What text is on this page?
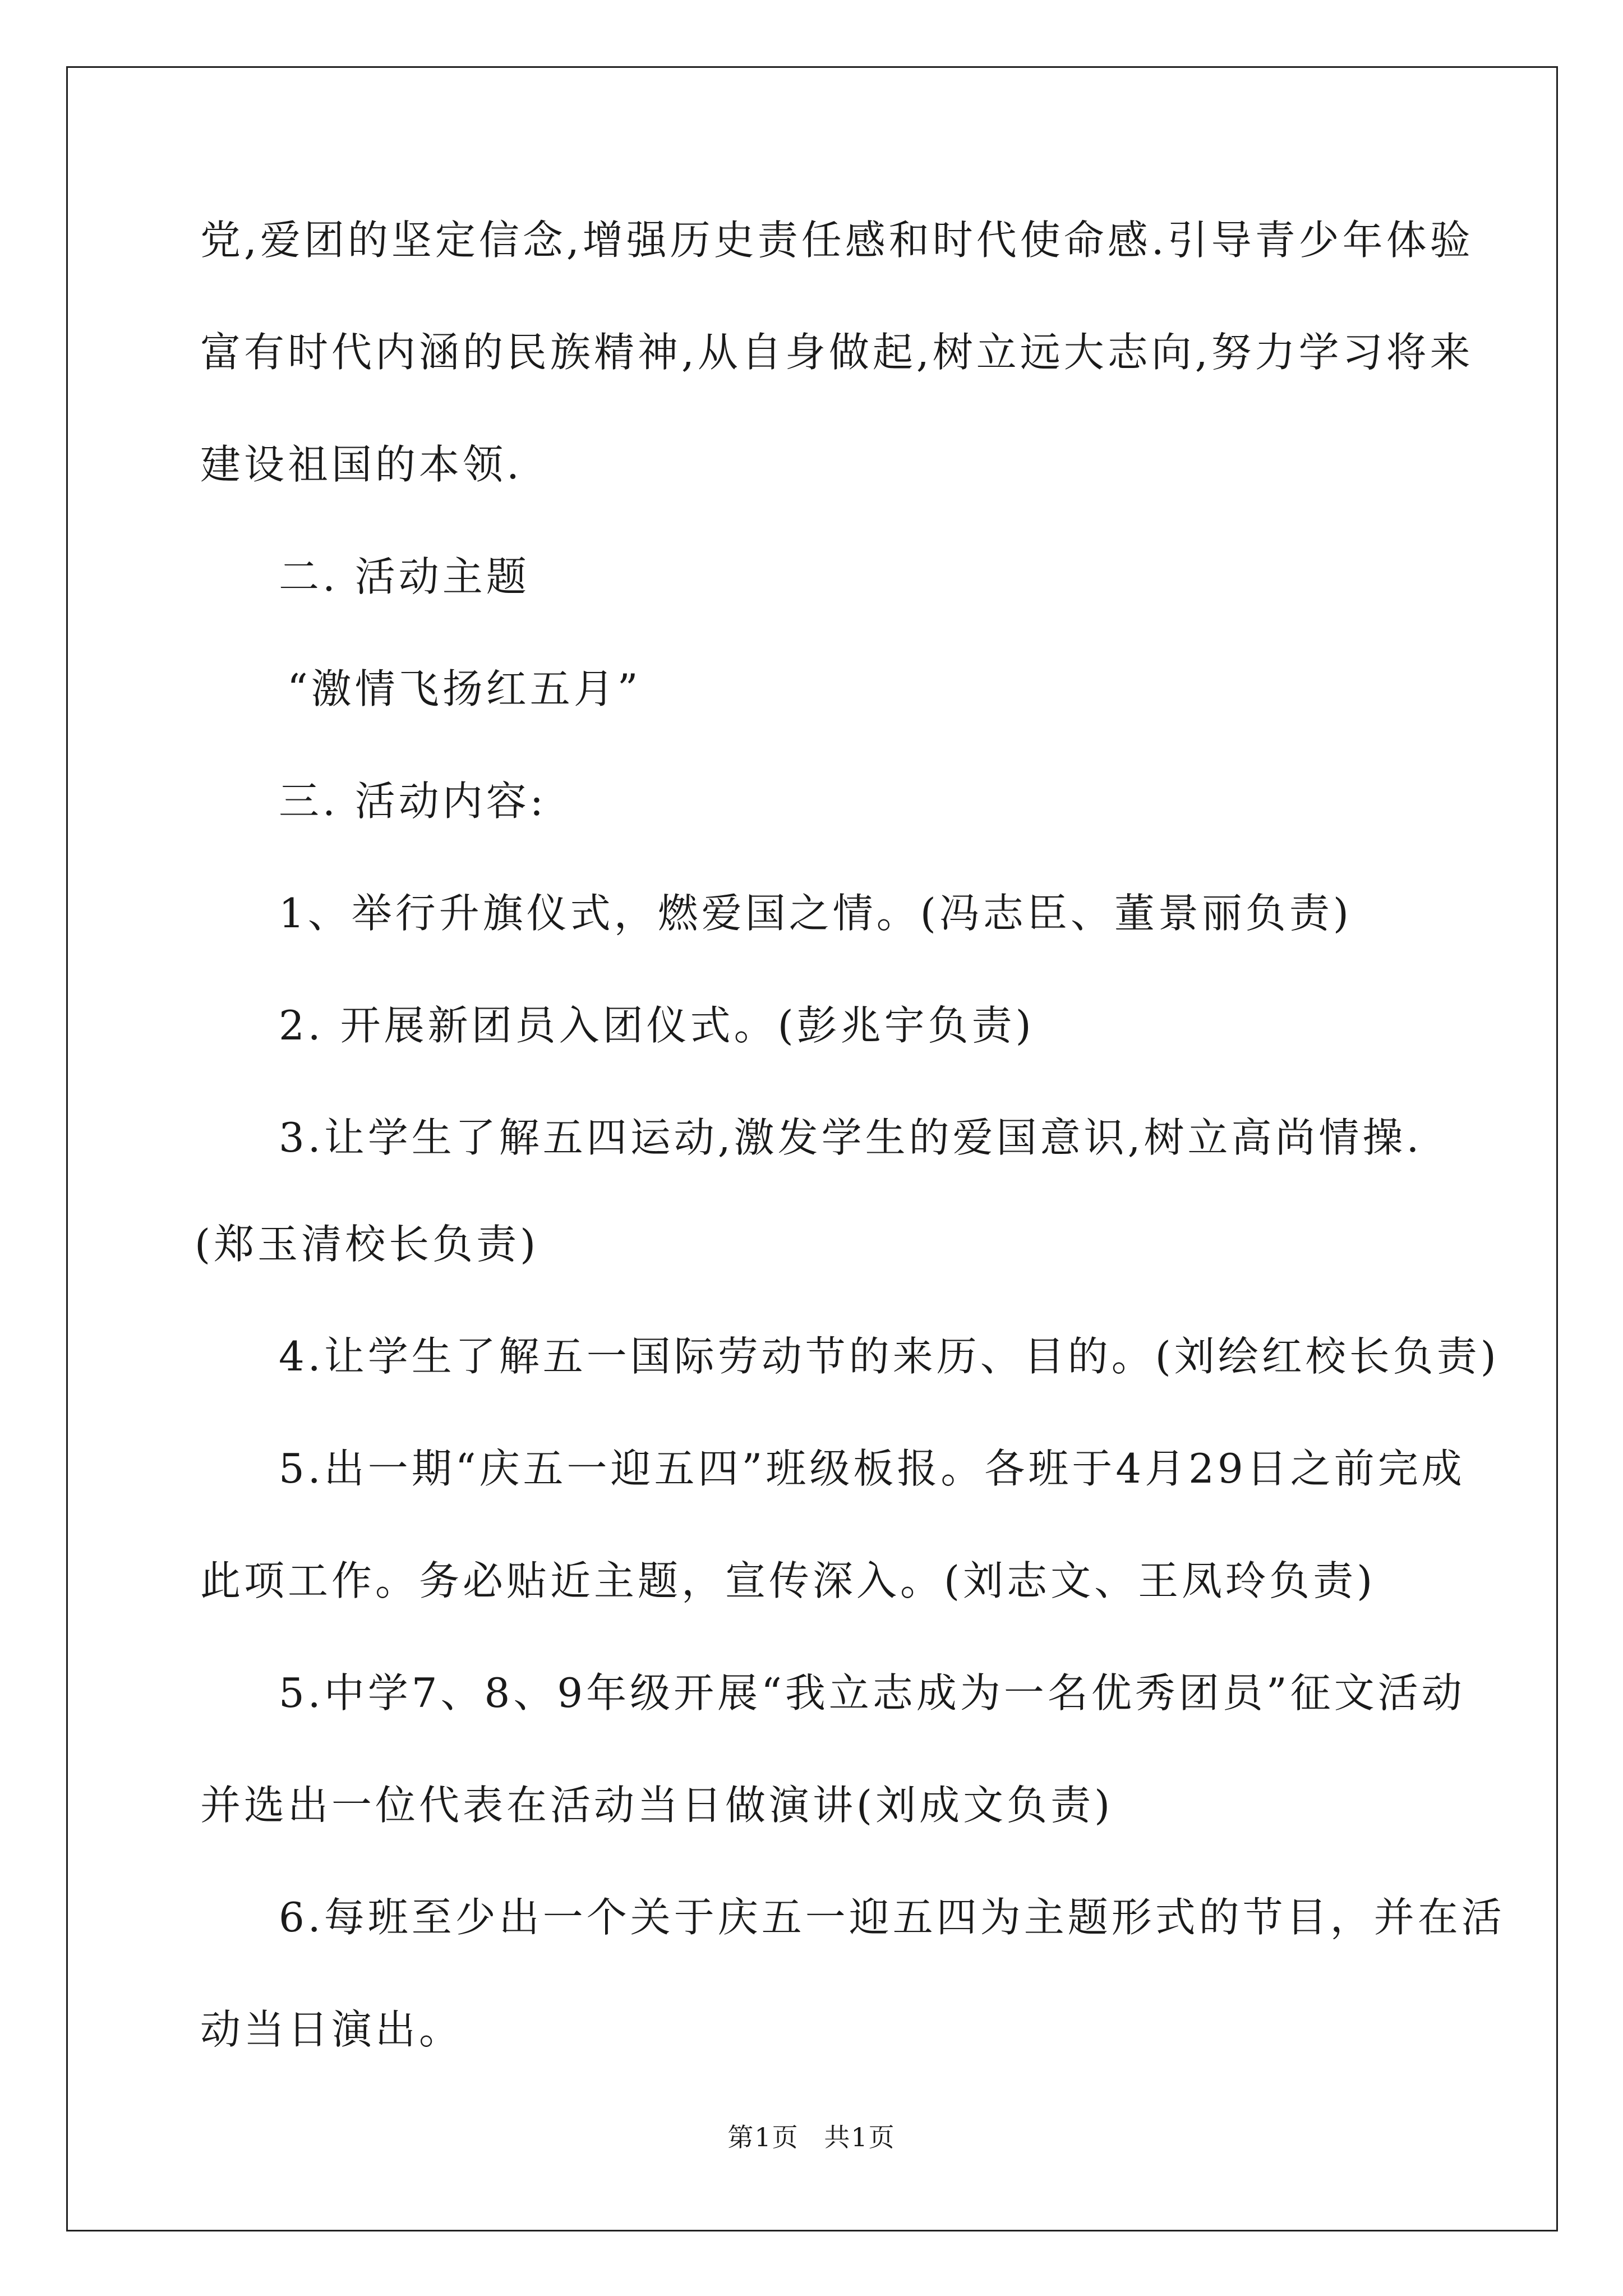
党,爱团的坚定信念,增强历史责任感和时代使命感.引导青少年体验
富有时代内涵的民族精神,从自身做起,树立远大志向,努力学习将来
建设祖国的本领.
二. 活动主题
“激情飞扬红五月”
三. 活动内容:
1、举行升旗仪式，燃爱国之情。(冯志臣、董景丽负责)
2. 开展新团员入团仪式。(彭兆宇负责)
3.让学生了解五四运动,激发学生的爱国意识,树立高尚情操.
(郑玉清校长负责)
4.让学生了解五一国际劳动节的来历、目的。(刘绘红校长负责)
5.出一期“庆五一迎五四”班级板报。各班于4月29日之前完成
此项工作。务必贴近主题，宣传深入。(刘志文、王凤玲负责)
5.中学7、8、9年级开展“我立志成为一名优秀团员”征文活动
并选出一位代表在活动当日做演讲(刘成文负责)
6.每班至少出一个关于庆五一迎五四为主题形式的节目，并在活
动当日演出。
第1页 共1页
